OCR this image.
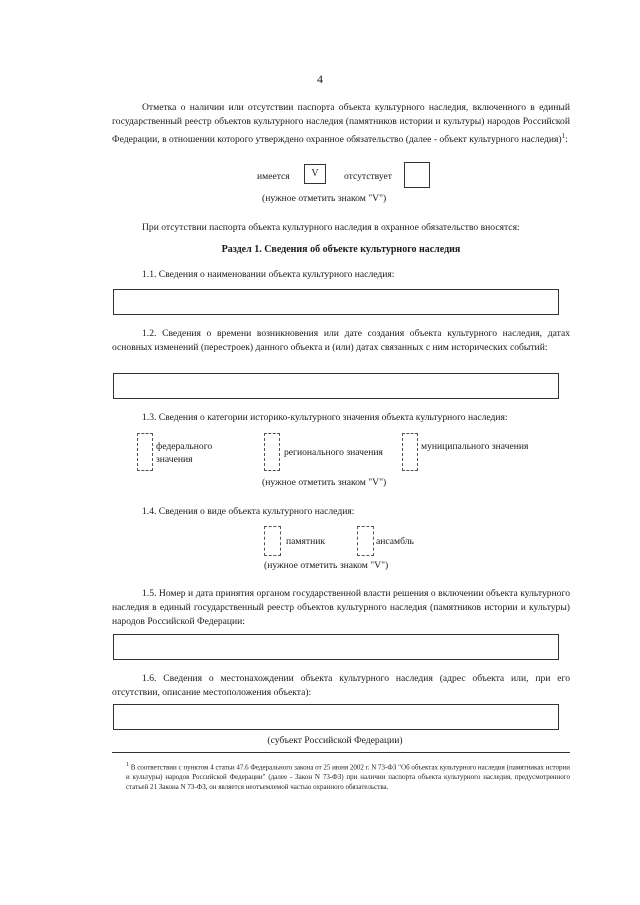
4
Отметка о наличии или отсутствии паспорта объекта культурного наследия, включенного в единый государственный реестр объектов культурного наследия (памятников истории и культуры) народов Российской Федерации, в отношении которого утверждено охранное обязательство (далее - объект культурного наследия)$^1$:
имеется	V	отсутствует
(нужное отметить знаком "V")
При отсутствии паспорта объекта культурного наследия в охранное обязательство вносятся:
Раздел 1. Сведения об объекте культурного наследия
1.1. Сведения о наименовании объекта культурного наследия:
1.2. Сведения о времени возникновения или дате создания объекта культурного наследия, датах основных изменений (перестроек) данного объекта и (или) датах связанных с ним исторических событий:
1.3. Сведения о категории историко-культурного значения объекта культурного наследия:
федерального значения
регионального значения
муниципального значения
(нужное отметить знаком "V")
1.4. Сведения о виде объекта культурного наследия:
памятник	ансамбль
(нужное отметить знаком "V")
1.5. Номер и дата принятия органом государственной власти решения о включении объекта культурного наследия в единый государственный реестр объектов культурного наследия (памятников истории и культуры) народов Российской Федерации:
1.6. Сведения о местонахождении объекта культурного наследия (адрес объекта или, при его отсутствии, описание местоположения объекта):
(субъект Российской Федерации)
$^1$ В соответствии с пунктом 4 статьи 47.6 Федерального закона от 25 июня 2002 г. N 73-ФЗ "Об объектах культурного наследия (памятниках истории и культуры) народов Российской Федерации" (далее - Закон N 73-ФЗ) при наличии паспорта объекта культурного наследия, предусмотренного статьей 21 Закона N 73-ФЗ, он является неотъемлемой частью охранного обязательства.
